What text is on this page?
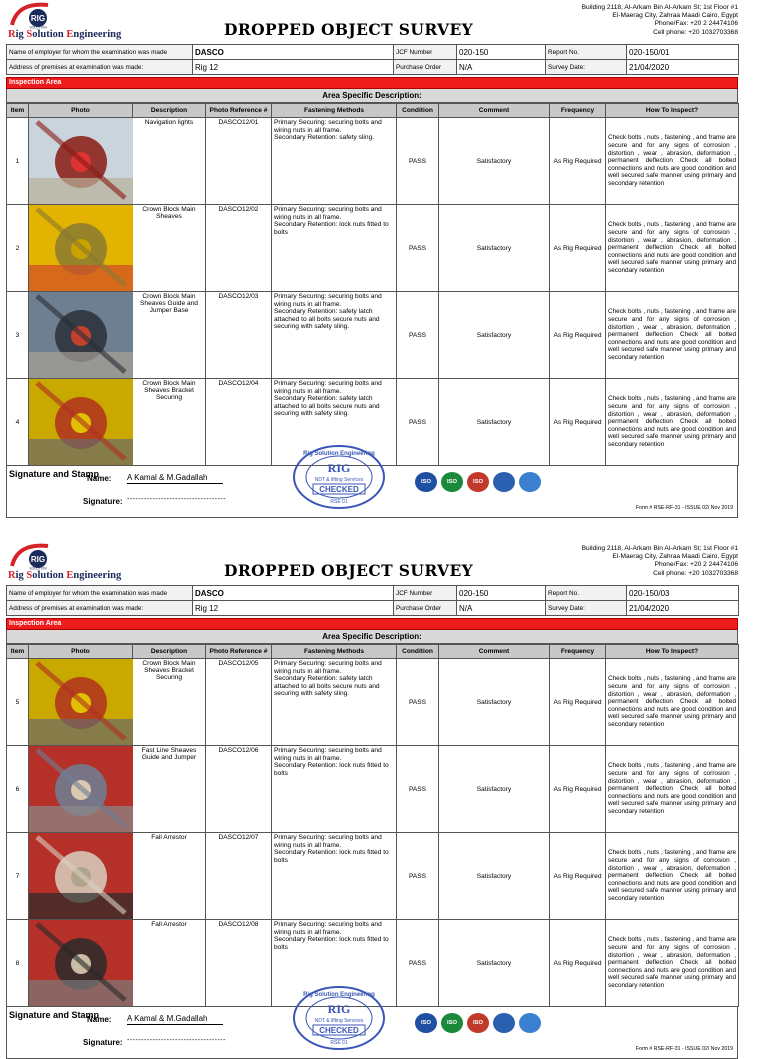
RIG
SOLUTION
Rig Solution Engineering	DROPPED OBJECT SURVEY
Building 2118, Al-Arkam Bin Al-Arkam St; 1st Floor #1
El-Maerag City, Zahraa Maadi Cairo, Egypt
Phone/Fax: +20 2 24474106
Cell phone: +20 1032703368
Name of employer for whom the examination was made	DASCO	JCF Number	020-150	Report No.	020-150/01
Address of premises at examination was made:	Rig 12	Purchase Order	N/A	Survey Date:	21/04/2020
Inspection Area
Area Specific Description:
Item	Photo	Description	Photo Reference #	Fastening Methods	Condition	Comment	Frequency	How To Inspect?
1		Navigation lights	DASCO12/01	Primary Securing: securing bolts and wiring nuts in all frame.
Secondary Retention: safety sling.	PASS	Satisfactory	As Rig Required	Check bolts , nuts , fastening , and frame are secure and for any signs of corrosion , distortion , wear , abrasion, deformation , permanent deflection Check all bolted connections and nuts are good condition and well secured safe manner using primary and secondary retention
2		Crown Block Main Sheaves	DASCO12/02	Primary Securing: securing bolts and wiring nuts in all frame.
Secondary Retention: lock nuts fitted to bolts	PASS	Satisfactory	As Rig Required	Check bolts , nuts , fastening , and frame are secure and for any signs of corrosion , distortion , wear , abrasion, deformation , permanent deflection Check all bolted connections and nuts are good condition and well secured safe manner using primary and secondary retention
3		Crown Block Main Sheaves Guide and Jumper Base	DASCO12/03	Primary Securing: securing bolts and wiring nuts in all frame.
Secondary Retention: safety latch attached to all bolts secure nuts and securing with safety sling.	PASS	Satisfactory	As Rig Required	Check bolts , nuts , fastening , and frame are secure and for any signs of corrosion , distortion , wear , abrasion, deformation , permanent deflection Check all bolted connections and nuts are good condition and well secured safe manner using primary and secondary retention
4		Crown Block Main Sheaves Bracket Securing	DASCO12/04	Primary Securing: securing bolts and wiring nuts in all frame.
Secondary Retention: safety latch attached to all bolts secure nuts and securing with safety sling.	PASS	Satisfactory	As Rig Required	Check bolts , nuts , fastening , and frame are secure and for any signs of corrosion , distortion , wear , abrasion, deformation , permanent deflection Check all bolted connections and nuts are good condition and well secured safe manner using primary and secondary retention
Signature and Stamp
Name: A Kamal & M.Gadallah
Signature: -----------------------------------
Rig Solution Engineering
RIG
NDT & lifting Services
CHECKED
RSE 01
ISO	ISO	ISO
Form # RSE-RF-31 - ISSUE 02/ Nov 2019
RIG
SOLUTION
Rig Solution Engineering	DROPPED OBJECT SURVEY
Building 2118, Al-Arkam Bin Al-Arkam St; 1st Floor #1
El-Maerag City, Zahraa Maadi Cairo, Egypt
Phone/Fax: +20 2 24474106
Cell phone: +20 1032703368
Name of employer for whom the examination was made	DASCO	JCF Number	020-150	Report No.	020-150/03
Address of premises at examination was made:	Rig 12	Purchase Order	N/A	Survey Date:	21/04/2020
Inspection Area
Area Specific Description:
Item	Photo	Description	Photo Reference #	Fastening Methods	Condition	Comment	Frequency	How To Inspect?
5		Crown Block Main Sheaves Bracket Securing	DASCO12/05	Primary Securing: securing bolts and wiring nuts in all frame.
Secondary Retention: safety latch attached to all bolts secure nuts and securing with safety sling.	PASS	Satisfactory	As Rig Required	Check bolts , nuts , fastening , and frame are secure and for any signs of corrosion , distortion , wear , abrasion, deformation , permanent deflection Check all bolted connections and nuts are good condition and well secured safe manner using primary and secondary retention
6		Fast Line Sheaves Guide and Jumper	DASCO12/06	Primary Securing: securing bolts and wiring nuts in all frame.
Secondary Retention: lock nuts fitted to bolts	PASS	Satisfactory	As Rig Required	Check bolts , nuts , fastening , and frame are secure and for any signs of corrosion , distortion , wear , abrasion, deformation , permanent deflection Check all bolted connections and nuts are good condition and well secured safe manner using primary and secondary retention
7		Fall Arrestor	DASCO12/07	Primary Securing: securing bolts and wiring nuts in all frame.
Secondary Retention: lock nuts fitted to bolts	PASS	Satisfactory	As Rig Required	Check bolts , nuts , fastening , and frame are secure and for any signs of corrosion , distortion , wear , abrasion, deformation , permanent deflection Check all bolted connections and nuts are good condition and well secured safe manner using primary and secondary retention
8		Fall Arrestor	DASCO12/08	Primary Securing: securing bolts and wiring nuts in all frame.
Secondary Retention: lock nuts fitted to bolts	PASS	Satisfactory	As Rig Required	Check bolts , nuts , fastening , and frame are secure and for any signs of corrosion , distortion , wear , abrasion, deformation , permanent deflection Check all bolted connections and nuts are good condition and well secured safe manner using primary and secondary retention
Signature and Stamp
Name: A Kamal & M.Gadallah
Signature: -----------------------------------
Rig Solution Engineering
RIG
NDT & lifting Services
CHECKED
RSE 01
ISO	ISO	ISO
Form # RSE-RF-31 - ISSUE 02/ Nov 2019
